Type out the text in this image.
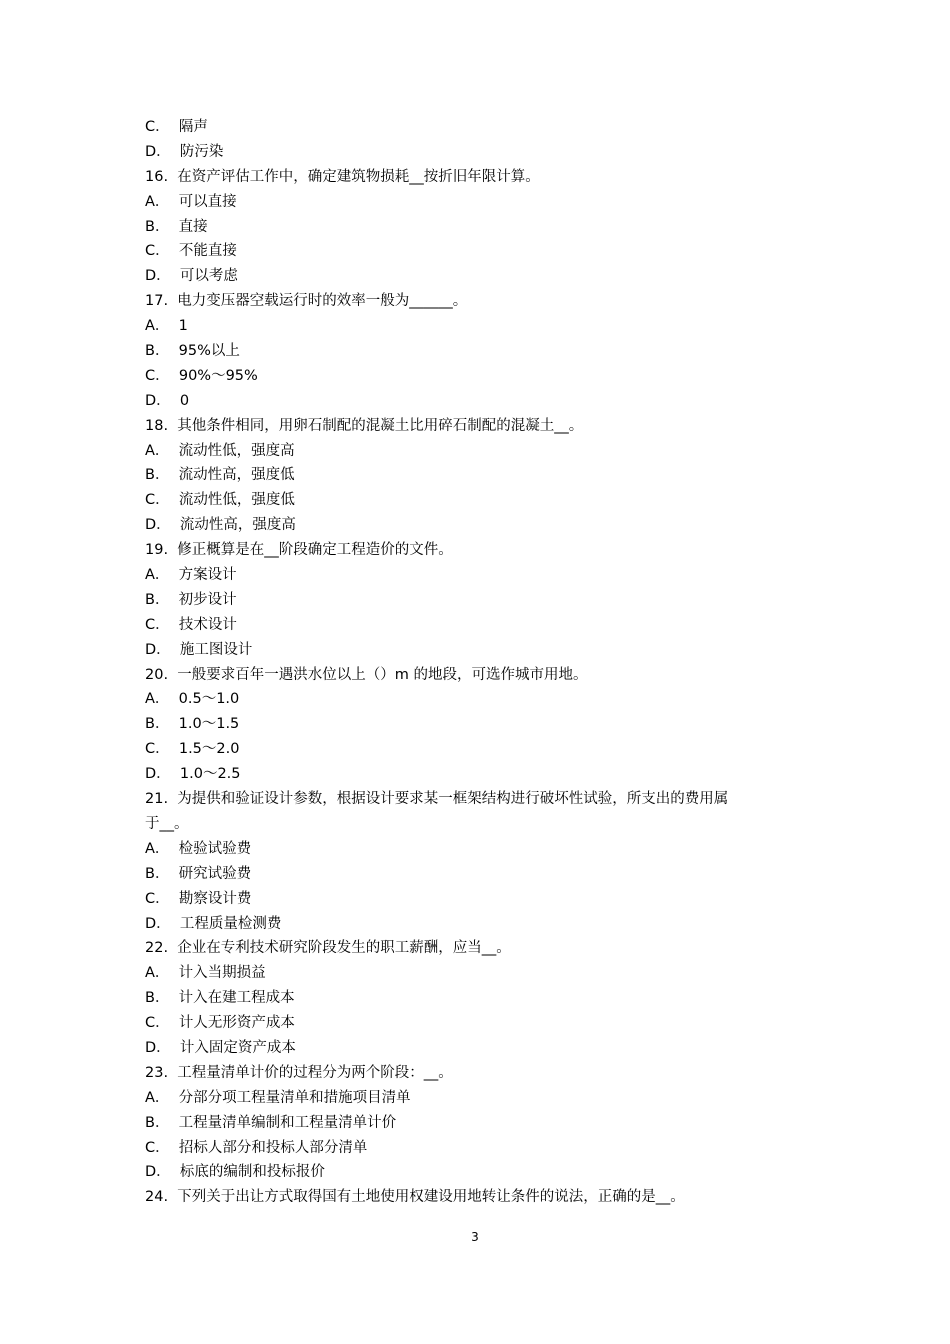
C．  隔声
D．  防污染
16.  在资产评估工作中，确定建筑物损耗__按折旧年限计算。
A．  可以直接
B．  直接
C．  不能直接
D．  可以考虑
17.  电力变压器空载运行时的效率一般为______。
A．  1
B．  95%以上
C．  90%～95%
D．  0
18.  其他条件相同，用卵石制配的混凝土比用碎石制配的混凝土__。
A．  流动性低，强度高
B．  流动性高，强度低
C．  流动性低，强度低
D．  流动性高，强度高
19.  修正概算是在__阶段确定工程造价的文件。
A．  方案设计
B．  初步设计
C．  技术设计
D．  施工图设计
20.  一般要求百年一遇洪水位以上（）m 的地段，可选作城市用地。
A．  0.5～1.0
B．  1.0～1.5
C．  1.5～2.0
D．  1.0～2.5
21.  为提供和验证设计参数，根据设计要求某一框架结构进行破坏性试验，所支出的费用属
于__。
A．  检验试验费
B．  研究试验费
C．  勘察设计费
D．  工程质量检测费
22.  企业在专利技术研究阶段发生的职工薪酬，应当__。
A．  计入当期损益
B．  计入在建工程成本
C．  计人无形资产成本
D．  计入固定资产成本
23.  工程量清单计价的过程分为两个阶段：__。
A．  分部分项工程量清单和措施项目清单
B．  工程量清单编制和工程量清单计价
C．  招标人部分和投标人部分清单
D．  标底的编制和投标报价
24.  下列关于出让方式取得国有土地使用权建设用地转让条件的说法，正确的是__。
3
